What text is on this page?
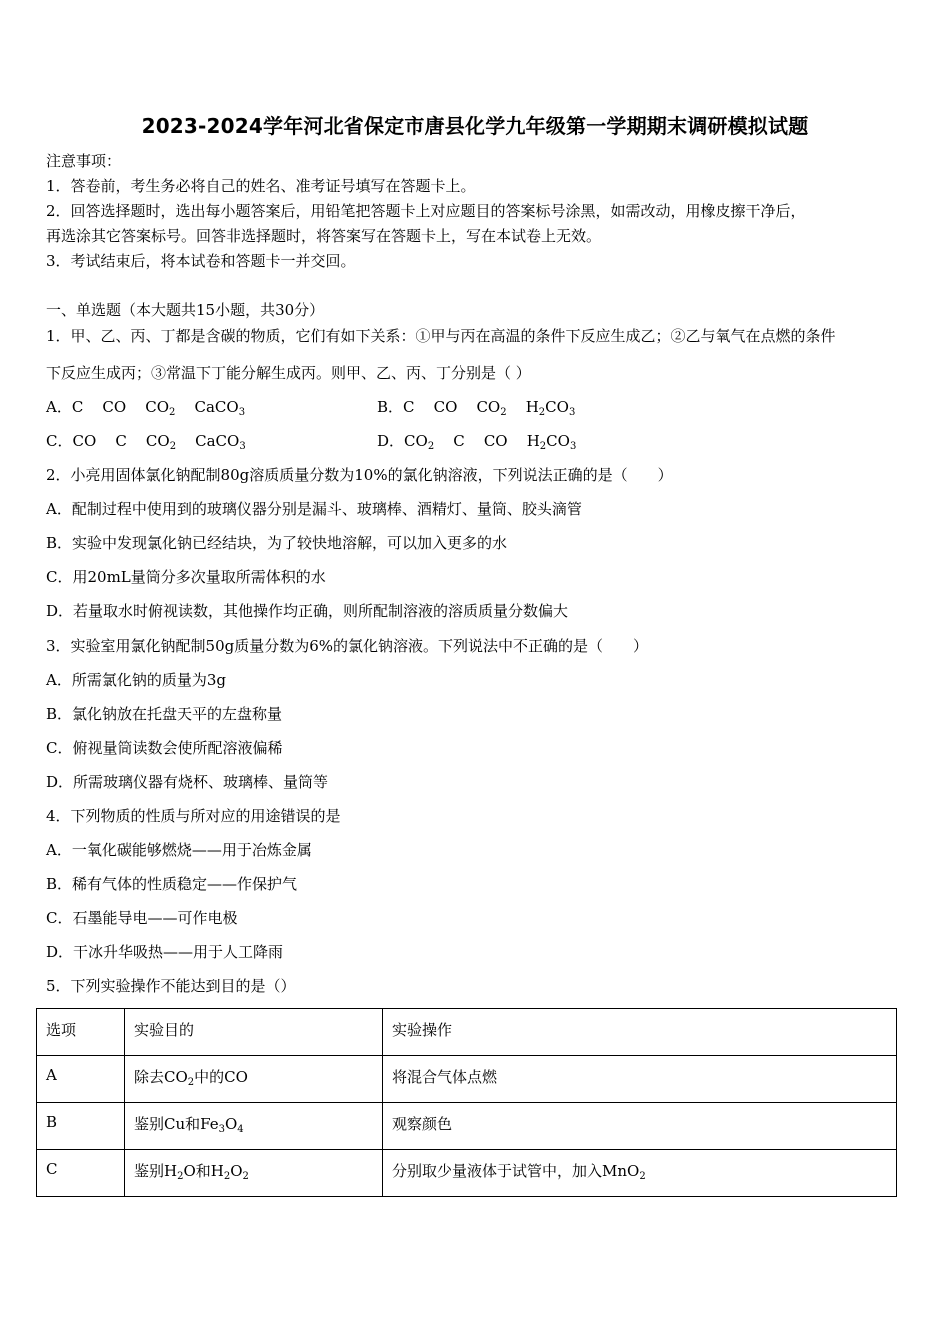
2023-2024学年河北省保定市唐县化学九年级第一学期期末调研模拟试题
注意事项：
1．答卷前，考生务必将自己的姓名、准考证号填写在答题卡上。
2．回答选择题时，选出每小题答案后，用铅笔把答题卡上对应题目的答案标号涂黑，如需改动，用橡皮擦干净后，
再选涂其它答案标号。回答非选择题时，将答案写在答题卡上，写在本试卷上无效。
3．考试结束后，将本试卷和答题卡一并交回。
一、单选题（本大题共15小题，共30分）
1．甲、乙、丙、丁都是含碳的物质，它们有如下关系：①甲与丙在高温的条件下反应生成乙；②乙与氧气在点燃的条件
下反应生成丙；③常温下丁能分解生成丙。则甲、乙、丙、丁分别是（ ）
A．C CO $CO_2$ CaCO$_3$	B．C CO $CO_2$ $H_2CO_3$
C．CO C $CO_2$ CaCO$_3$	D．$CO_2$ C CO $H_2CO_3$
2．小亮用固体氯化钠配制80g溶质质量分数为10%的氯化钠溶液，下列说法正确的是（　　）
A．配制过程中使用到的玻璃仪器分别是漏斗、玻璃棒、酒精灯、量筒、胶头滴管
B．实验中发现氯化钠已经结块，为了较快地溶解，可以加入更多的水
C．用20mL量筒分多次量取所需体积的水
D．若量取水时俯视读数，其他操作均正确，则所配制溶液的溶质质量分数偏大
3．实验室用氯化钠配制50g质量分数为6%的氯化钠溶液。下列说法中不正确的是（　　）
A．所需氯化钠的质量为3g
B．氯化钠放在托盘天平的左盘称量
C．俯视量筒读数会使所配溶液偏稀
D．所需玻璃仪器有烧杯、玻璃棒、量筒等
4．下列物质的性质与所对应的用途错误的是
A．一氧化碳能够燃烧——用于冶炼金属
B．稀有气体的性质稳定——作保护气
C．石墨能导电——可作电极
D．干冰升华吸热——用于人工降雨
5．下列实验操作不能达到目的是（）
选项	实验目的	实验操作
A	除去$CO_2$中的CO	将混合气体点燃
B	鉴别Cu和$Fe_3O_4$	观察颜色
C	鉴别$H_2O$和$H_2O_2$	分别取少量液体于试管中，加入MnO$_2$
